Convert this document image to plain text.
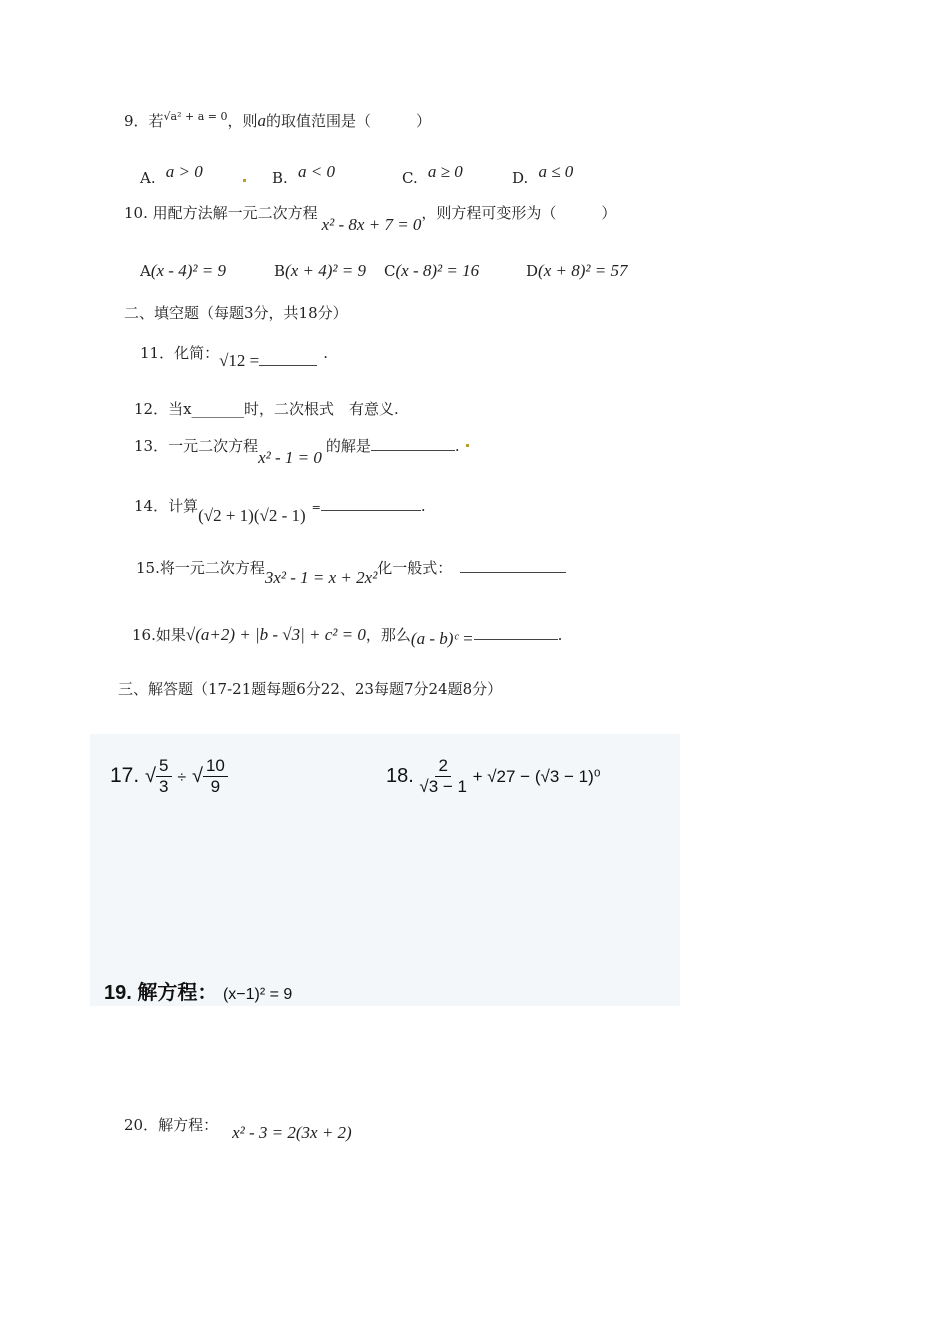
9．若$^{√a^2 + a = 0}$，则a的取值范围是（　　　）
A. a > 0	B. a < 0	C. a ≥ 0	D. a ≤ 0
10. 用配方法解一元二次方程x² - 8x + 7 = 0，则方程可变形为（　　　）
A(x - 4)² = 9	B(x + 4)² = 9 C(x - 8)² = 16	D(x + 8)² = 57
二、填空题（每题3分，共18分）
11．化简：√12 =	.
12．当x_______时，二次根式　有意义.
13．一元二次方程x² - 1 = 0的解是	.
14．计算(√2 + 1)(√2 - 1) =	.
15.将一元二次方程3x² - 1 = x + 2x²化一般式：
16.如果√(a+2) + |b - √3| + c² = 0，那么(a - b)ᶜ =	.
三、解答题（17-21题每题6分22、23每题7分24题8分）
17. √ $\frac{5}{3}$ ÷ √ $\frac{10}{9}$	18. $\frac{2}{√3 - 1} + √27 - (√3 - 1)^0$
19. 解方程： (x−1)² = 9
20．解方程： x² - 3 = 2(3x + 2)
